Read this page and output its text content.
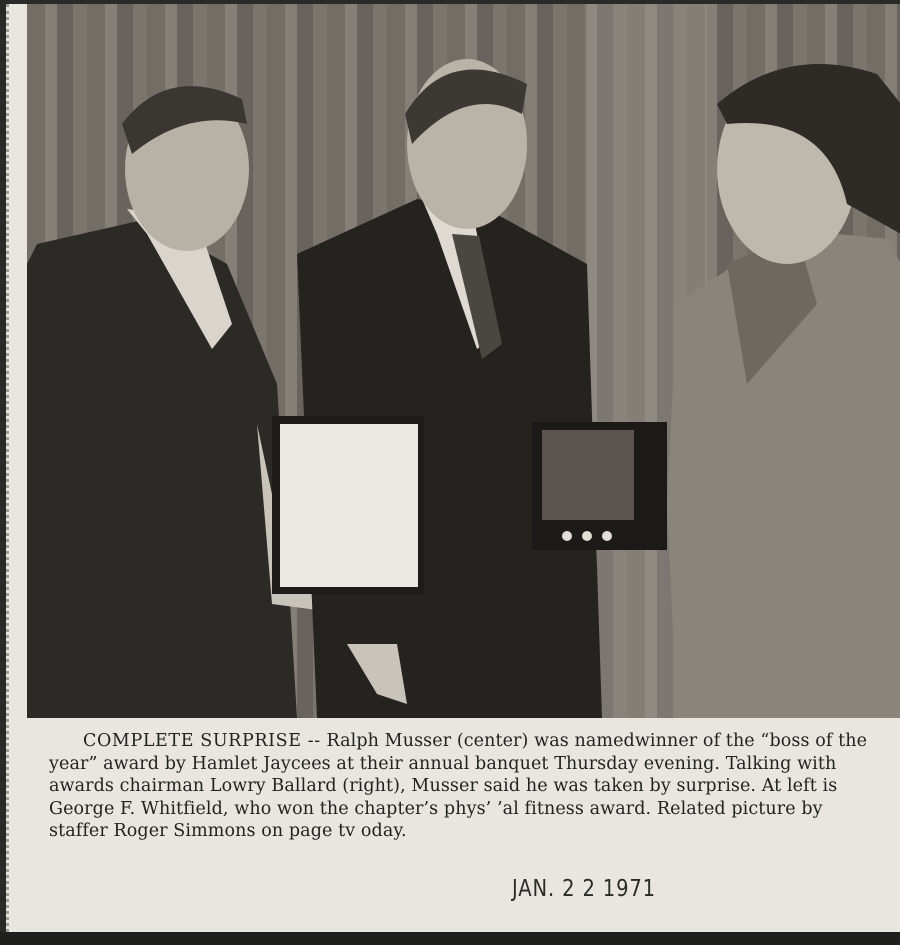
COMPLETE SURPRISE -- Ralph Musser (center) was namedwinner of the “boss of the year” award by Hamlet Jaycees at their annual banquet Thursday evening. Talking with awards chairman Lowry Ballard (right), Musser said he was taken by surprise. At left is George F. Whitfield, who won the chapter’s phys’ ’al fitness award. Related picture by staffer Roger Simmons on page tv oday.
JAN. 2 2 1971
